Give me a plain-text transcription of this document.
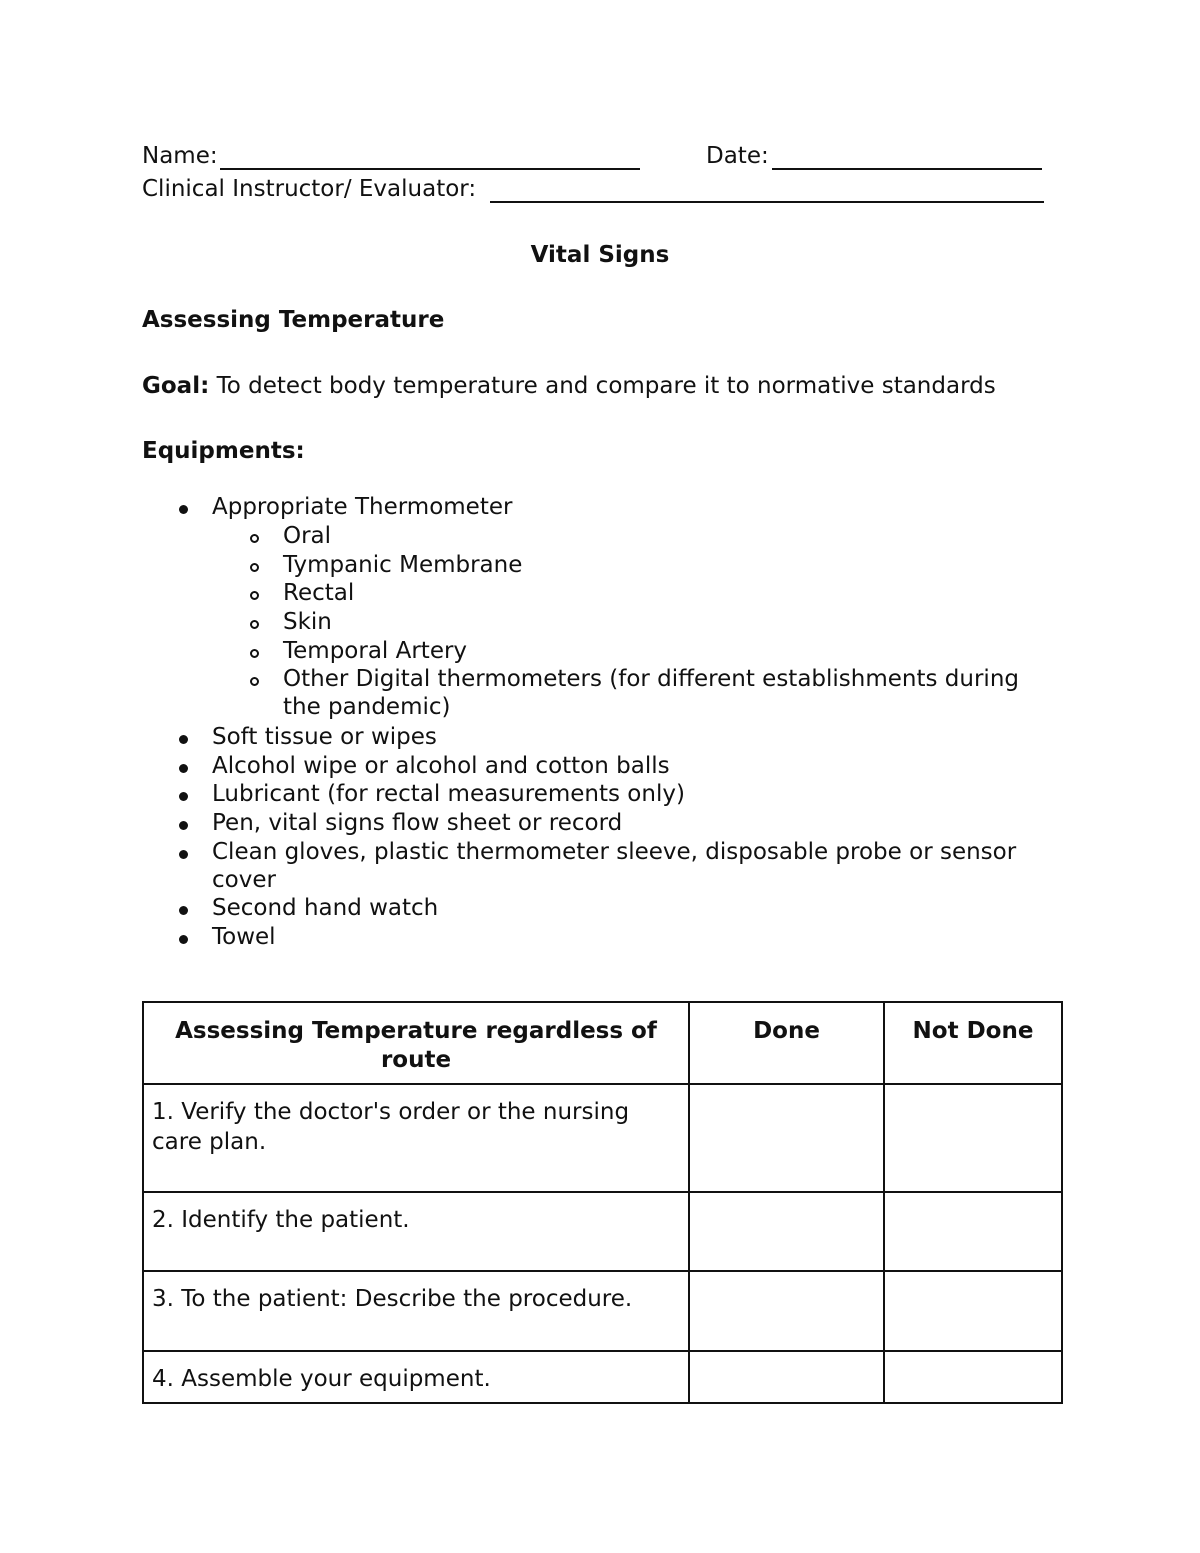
Name:	Date:
Clinical Instructor/ Evaluator:
Vital Signs
Assessing Temperature
Goal: To detect body temperature and compare it to normative standards
Equipments:
Appropriate Thermometer
Oral
Tympanic Membrane
Rectal
Skin
Temporal Artery
Other Digital thermometers (for different establishments during
the pandemic)
Soft tissue or wipes
Alcohol wipe or alcohol and cotton balls
Lubricant (for rectal measurements only)
Pen, vital signs flow sheet or record
Clean gloves, plastic thermometer sleeve, disposable probe or sensor
cover
Second hand watch
Towel
Assessing Temperature regardless of route	Done	Not Done
1. Verify the doctor's order or the nursing care plan.		
2. Identify the patient.		
3. To the patient: Describe the procedure.		
4. Assemble your equipment.		
